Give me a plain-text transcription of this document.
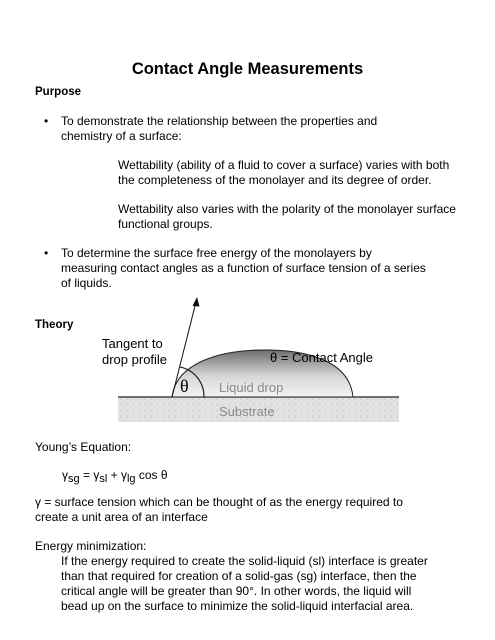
Contact Angle Measurements
Purpose
• To demonstrate the relationship between the properties and
chemistry of a surface:
Wettability (ability of a fluid to cover a surface) varies with both
the completeness of the monolayer and its degree of order.
Wettability also varies with the polarity of the monolayer surface
functional groups.
• To determine the surface free energy of the monolayers by
measuring contact angles as a function of surface tension of a series
of liquids.
Theory
Tangent to
drop profile	θ = Contact Angle
θ Liquid drop
Substrate
Young’s Equation:
γsg = γsl + γlg cos θ
γ = surface tension which can be thought of as the energy required to
create a unit area of an interface
Energy minimization:
If the energy required to create the solid-liquid (sl) interface is greater
than that required for creation of a solid-gas (sg) interface, then the
critical angle will be greater than 90°. In other words, the liquid will
bead up on the surface to minimize the solid-liquid interfacial area.
